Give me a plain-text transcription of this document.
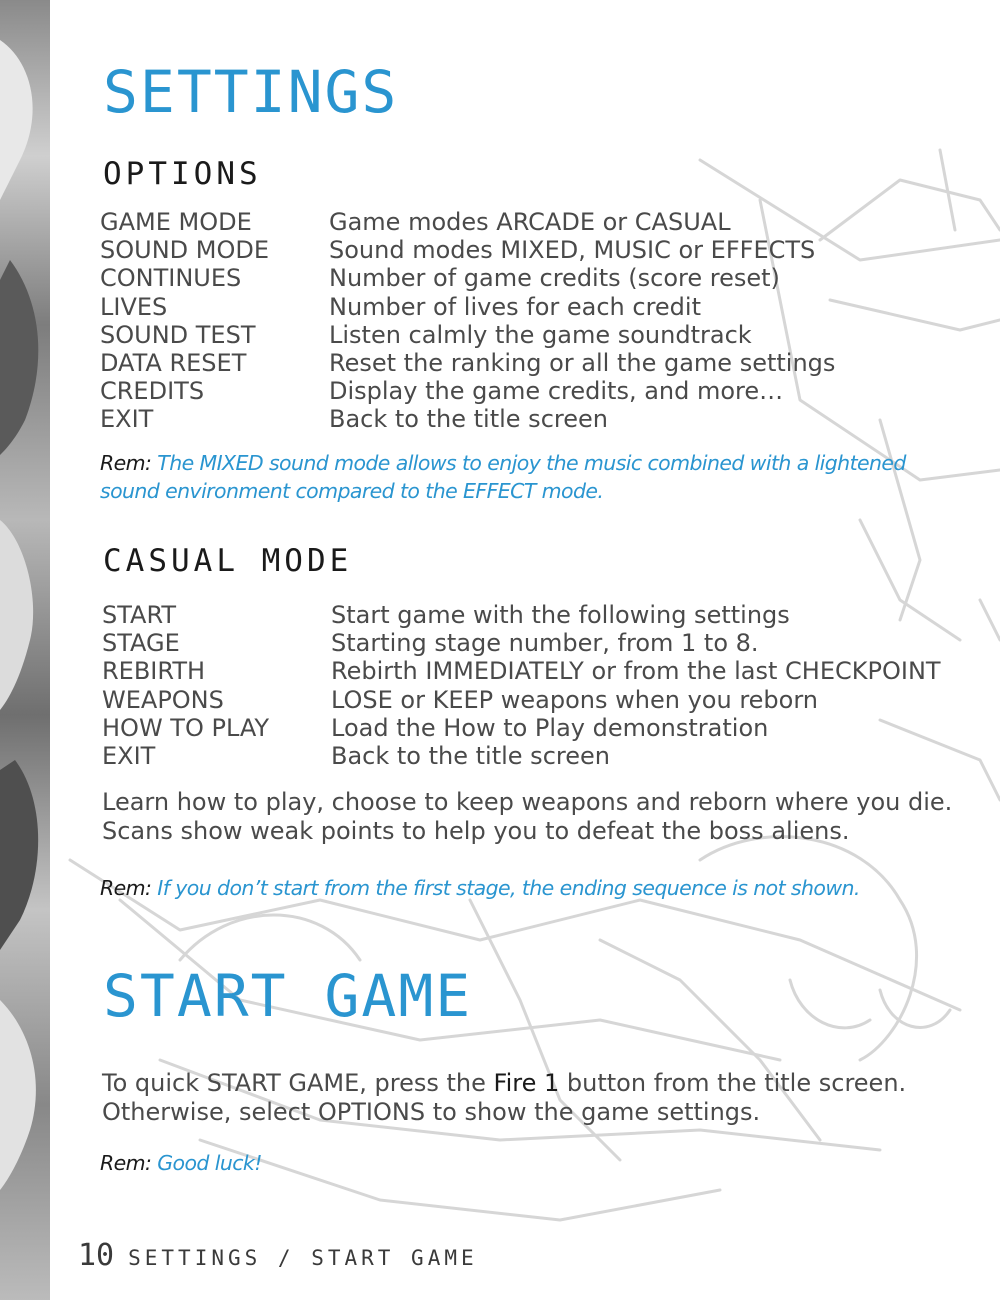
SETTINGS
OPTIONS
GAME MODE	Game modes ARCADE or CASUAL
SOUND MODE	Sound modes MIXED, MUSIC or EFFECTS
CONTINUES	Number of game credits (score reset)
LIVES	Number of lives for each credit
SOUND TEST	Listen calmly the game soundtrack
DATA RESET	Reset the ranking or all the game settings
CREDITS	Display the game credits, and more…
EXIT	Back to the title screen

Rem: The MIXED sound mode allows to enjoy the music combined with a lightened
sound environment compared to the EFFECT mode.

CASUAL MODE
START	Start game with the following settings
STAGE	Starting stage number, from 1 to 8.
REBIRTH	Rebirth IMMEDIATELY or from the last CHECKPOINT
WEAPONS	LOSE or KEEP weapons when you reborn
HOW TO PLAY	Load the How to Play demonstration
EXIT	Back to the title screen

Learn how to play, choose to keep weapons and reborn where you die.
Scans show weak points to help you to defeat the boss aliens.

Rem: If you don’t start from the first stage, the ending sequence is not shown.

START GAME

To quick START GAME, press the Fire 1 button from the title screen.
Otherwise, select OPTIONS to show the game settings.

Rem: Good luck!

10 SETTINGS / START GAME
